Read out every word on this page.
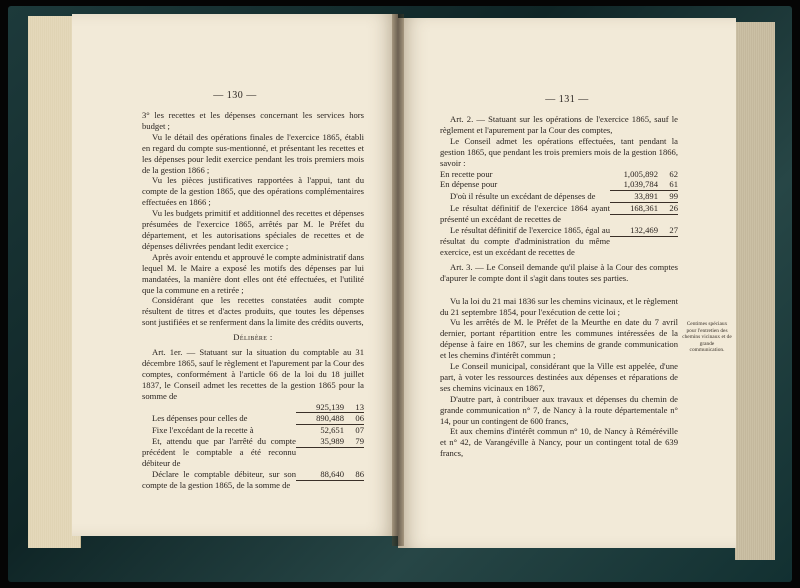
— 130 —

3° les recettes et les dépenses concernant les services hors budget ;

Vu le détail des opérations finales de l'exercice 1865, établi en regard du compte sus-mentionné, et présentant les recettes et les dépenses pour ledit exercice pendant les trois premiers mois de la gestion 1866 ;

Vu les pièces justificatives rapportées à l'appui, tant du compte de la gestion 1865, que des opérations complémentaires effectuées en 1866 ;

Vu les budgets primitif et additionnel des recettes et dépenses présumées de l'exercice 1865, arrêtés par M. le Préfet du département, et les autorisations spéciales de recettes et de dépenses délivrées pendant ledit exercice ;

Après avoir entendu et approuvé le compte administratif dans lequel M. le Maire a exposé les motifs des dépenses par lui mandatées, la manière dont elles ont été effectuées, et l'utilité que la commune en a retirée ;

Considérant que les recettes constatées audit compte résultent de titres et d'actes produits, que toutes les dépenses sont justifiées et se renferment dans la limite des crédits ouverts,

Délibère :

Art. 1er. — Statuant sur la situation du comptable au 31 décembre 1865, sauf le règlement et l'apurement par la Cour des comptes, conformément à l'article 66 de la loi du 18 juillet 1837, le Conseil admet les recettes de la gestion 1865 pour la somme de

925,139	13
Les dépenses pour celles de	890,488	06
Fixe l'excédant de la recette à	52,651	07
Et, attendu que par l'arrêté du compte précédent le comptable a été reconnu débiteur de
35,989	79
Déclare le comptable débiteur, sur son compte de la gestion 1865, de la somme de
88,640	86
— 131 —

Art. 2. — Statuant sur les opérations de l'exercice 1865, sauf le règlement et l'apurement par la Cour des comptes,

Le Conseil admet les opérations effectuées, tant pendant la gestion 1865, que pendant les trois premiers mois de la gestion 1866, savoir :

En recette pour	1,005,892	62
En dépense pour	1,039,784	61
D'où il résulte un excédant de dépenses de	33,891	99
Le résultat définitif de l'exercice 1864 ayant présenté un excédant de recettes de
168,361	26
Le résultat définitif de l'exercice 1865, égal au résultat du compte d'administration du même exercice, est un excédant de recettes de
132,469	27

Art. 3. — Le Conseil demande qu'il plaise à la Cour des comptes d'apurer le compte dont il s'agit dans toutes ses parties.

Vu la loi du 21 mai 1836 sur les chemins vicinaux, et le règlement du 21 septembre 1854, pour l'exécution de cette loi ;

Vu les arrêtés de M. le Préfet de la Meurthe en date du 7 avril dernier, portant répartition entre les communes intéressées de la dépense à faire en 1867, sur les chemins de grande communication et les chemins d'intérêt commun ;

Le Conseil municipal, considérant que la Ville est appelée, d'une part, à voter les ressources destinées aux dépenses et réparations de ses chemins vicinaux en 1867,

D'autre part, à contribuer aux travaux et dépenses du chemin de grande communication n° 7, de Nancy à la route départementale n° 14, pour un contingent de 600 francs,

Et aux chemins d'intérêt commun n° 10, de Nancy à Réméréville et n° 42, de Varangéville à Nancy, pour un contingent total de 639 francs,

Centimes spéciaux pour l'entretien des chemins vicinaux et de grande communication.
